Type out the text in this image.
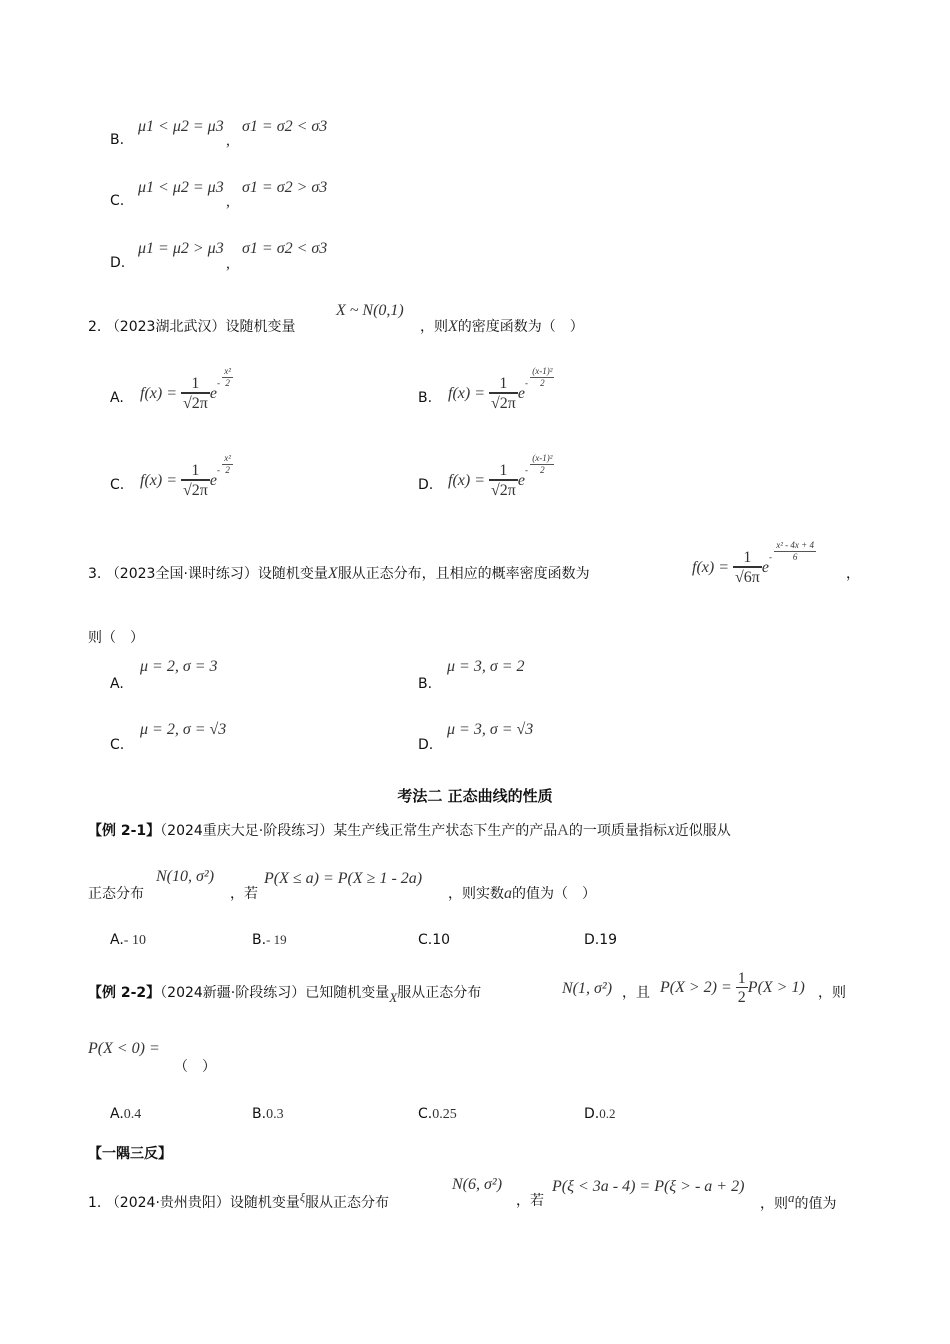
B.
μ1 < μ2 = μ3
,
σ1 = σ2 < σ3
C.
μ1 < μ2 = μ3
,
σ1 = σ2 > σ3
D.
μ1 = μ2 > μ3
,
σ1 = σ2 < σ3
2. （2023湖北武汉）设随机变量
X ~ N(0,1)
，则X的密度函数为（　）
A. $f(x) = \frac{1}{√2\pi} e- \frac{\text{x²}}{2}$
B. $f(x) = \frac{1}{√2\pi} e- \frac{\text{(x-1)²}}{2}$
C. $f(x) = \frac{1}{√2\pi} e- \frac{\text{x²}}{2}$
D. $f(x) = \frac{1}{√2\pi} e- \frac{\text{(x-1)²}}{2}$
3. （2023全国·课时练习）设随机变量X服从正态分布，且相应的概率密度函数为	$f(x) = \frac{1}{√6\pi} e- \frac{\text{x² - 4x + 4}}{6}$
，
则（　）
A.
μ = 2, σ = 3
B.
μ = 3, σ = 2
C.
μ = 2, σ = √3
D.
μ = 3, σ = √3
考法二 正态曲线的性质
【例 2-1】（2024重庆大足·阶段练习）某生产线正常生产状态下生产的产品A的一项质量指标X近似服从
正态分布
N(10, σ²)
，若
P(X ≤ a) = P(X ≥ 1 - 2a)
，则实数a的值为（　）
A.- 10	B.- 19	C.10	D.19
【例 2-2】（2024新疆·阶段练习）已知随机变量X服从正态分布	N(1, σ²) ，且 $P(X > 2) = \frac{1}{2} P(X > 1)$ ，则
P(X < 0) =
（　）
A.0.4	B.0.3	C.0.25	D.0.2
【一隅三反】
1. （2024·贵州贵阳）设随机变量ξ服从正态分布
N(6, σ²)
，若
P(ξ < 3a - 4) = P(ξ > - a + 2)
，则a的值为
